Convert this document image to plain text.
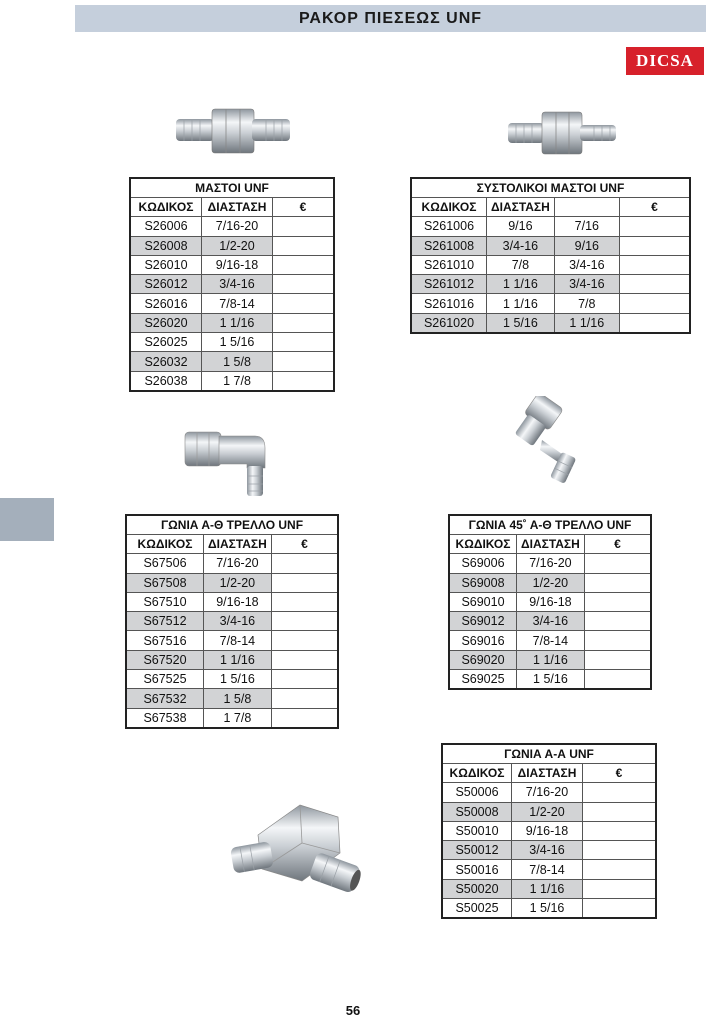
ΡΑΚΟΡ ΠΙΕΣΕΩΣ UNF
DICSA
ΜΑΣΤΟΙ UNF		
ΚΩΔΙΚΟΣ	ΔΙΑΣΤΑΣΗ	€
S26006	7/16-20	
S26008	1/2-20	
S26010	9/16-18	
S26012	3/4-16	
S26016	7/8-14	
S26020	1 1/16	
S26025	1 5/16	
S26032	1 5/8	
S26038	1 7/8	
ΣΥΣΤΟΛΙΚΟΙ ΜΑΣΤΟΙ UNF			
ΚΩΔΙΚΟΣ	ΔΙΑΣΤΑΣΗ		€
S261006	9/16	7/16	
S261008	3/4-16	9/16	
S261010	7/8	3/4-16	
S261012	1 1/16	3/4-16	
S261016	1 1/16	7/8	
S261020	1 5/16	1 1/16	
ΓΩΝΙΑ Α-Θ ΤΡΕΛΛΟ UNF		
ΚΩΔΙΚΟΣ	ΔΙΑΣΤΑΣΗ	€
S67506	7/16-20	
S67508	1/2-20	
S67510	9/16-18	
S67512	3/4-16	
S67516	7/8-14	
S67520	1 1/16	
S67525	1 5/16	
S67532	1 5/8	
S67538	1 7/8	
ΓΩΝΙΑ 45˚ Α-Θ ΤΡΕΛΛΟ UNF		
ΚΩΔΙΚΟΣ	ΔΙΑΣΤΑΣΗ	€
S69006	7/16-20	
S69008	1/2-20	
S69010	9/16-18	
S69012	3/4-16	
S69016	7/8-14	
S69020	1 1/16	
S69025	1 5/16	
ΓΩΝΙΑ Α-Α UNF		
ΚΩΔΙΚΟΣ	ΔΙΑΣΤΑΣΗ	€
S50006	7/16-20	
S50008	1/2-20	
S50010	9/16-18	
S50012	3/4-16	
S50016	7/8-14	
S50020	1 1/16	
S50025	1 5/16	
56
